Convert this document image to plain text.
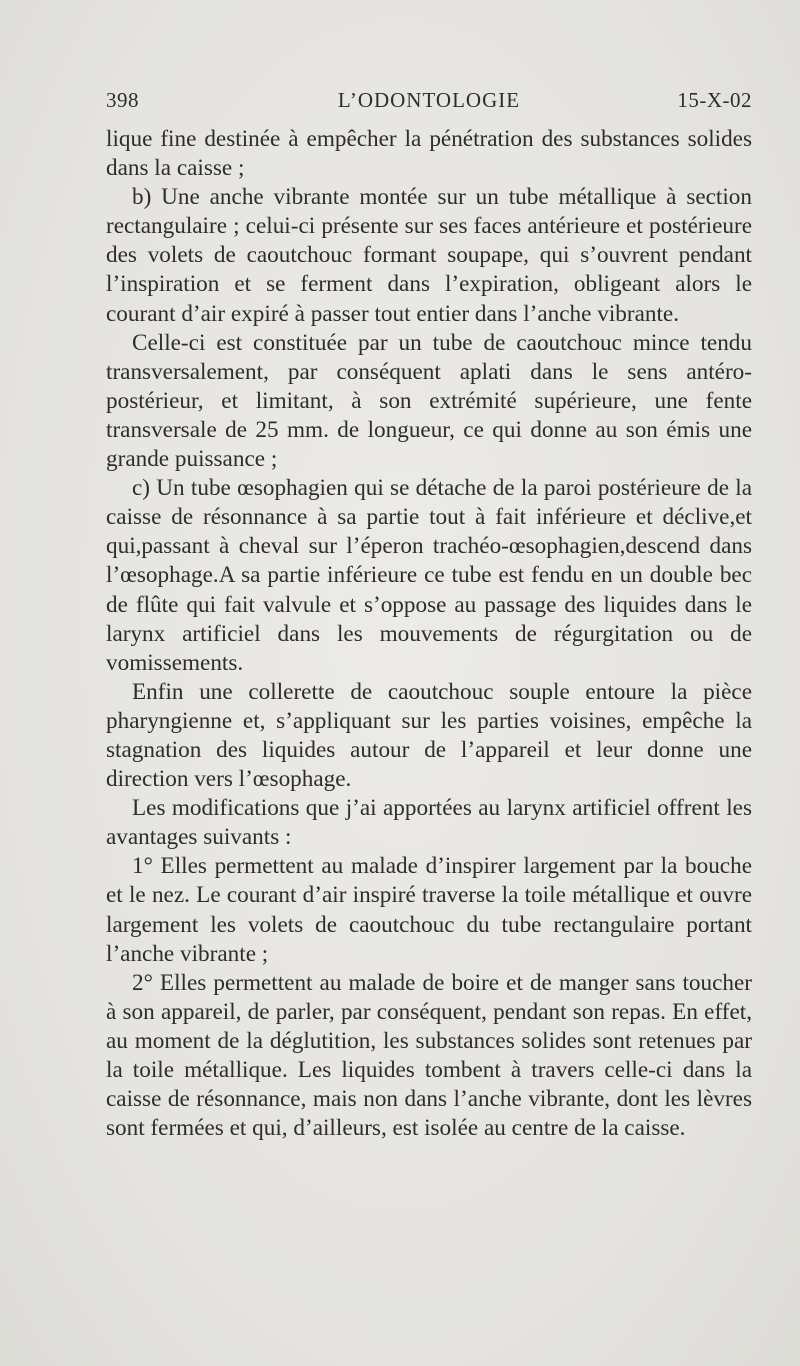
398	L’ODONTOLOGIE	15-X-02

lique fine destinée à empêcher la pénétration des substances solides dans la caisse ;

b) Une anche vibrante montée sur un tube métallique à section rectangulaire ; celui-ci présente sur ses faces antérieure et postérieure des volets de caoutchouc formant soupape, qui s’ouvrent pendant l’inspiration et se ferment dans l’expiration, obligeant alors le courant d’air expiré à passer tout entier dans l’anche vibrante.

Celle-ci est constituée par un tube de caoutchouc mince tendu transversalement, par conséquent aplati dans le sens antéro-postérieur, et limitant, à son extrémité supérieure, une fente transversale de 25 mm. de longueur, ce qui donne au son émis une grande puissance ;

c) Un tube œsophagien qui se détache de la paroi postérieure de la caisse de résonnance à sa partie tout à fait inférieure et déclive,et qui,passant à cheval sur l’éperon trachéo-œsophagien,descend dans l’œsophage.A sa partie inférieure ce tube est fendu en un double bec de flûte qui fait valvule et s’oppose au passage des liquides dans le larynx artificiel dans les mouvements de régurgitation ou de vomissements.

Enfin une collerette de caoutchouc souple entoure la pièce pharyngienne et, s’appliquant sur les parties voisines, empêche la stagnation des liquides autour de l’appareil et leur donne une direction vers l’œsophage.

Les modifications que j’ai apportées au larynx artificiel offrent les avantages suivants :

1° Elles permettent au malade d’inspirer largement par la bouche et le nez. Le courant d’air inspiré traverse la toile métallique et ouvre largement les volets de caoutchouc du tube rectangulaire portant l’anche vibrante ;

2° Elles permettent au malade de boire et de manger sans toucher à son appareil, de parler, par conséquent, pendant son repas. En effet, au moment de la déglutition, les substances solides sont retenues par la toile métallique. Les liquides tombent à travers celle-ci dans la caisse de résonnance, mais non dans l’anche vibrante, dont les lèvres sont fermées et qui, d’ailleurs, est isolée au centre de la caisse.
